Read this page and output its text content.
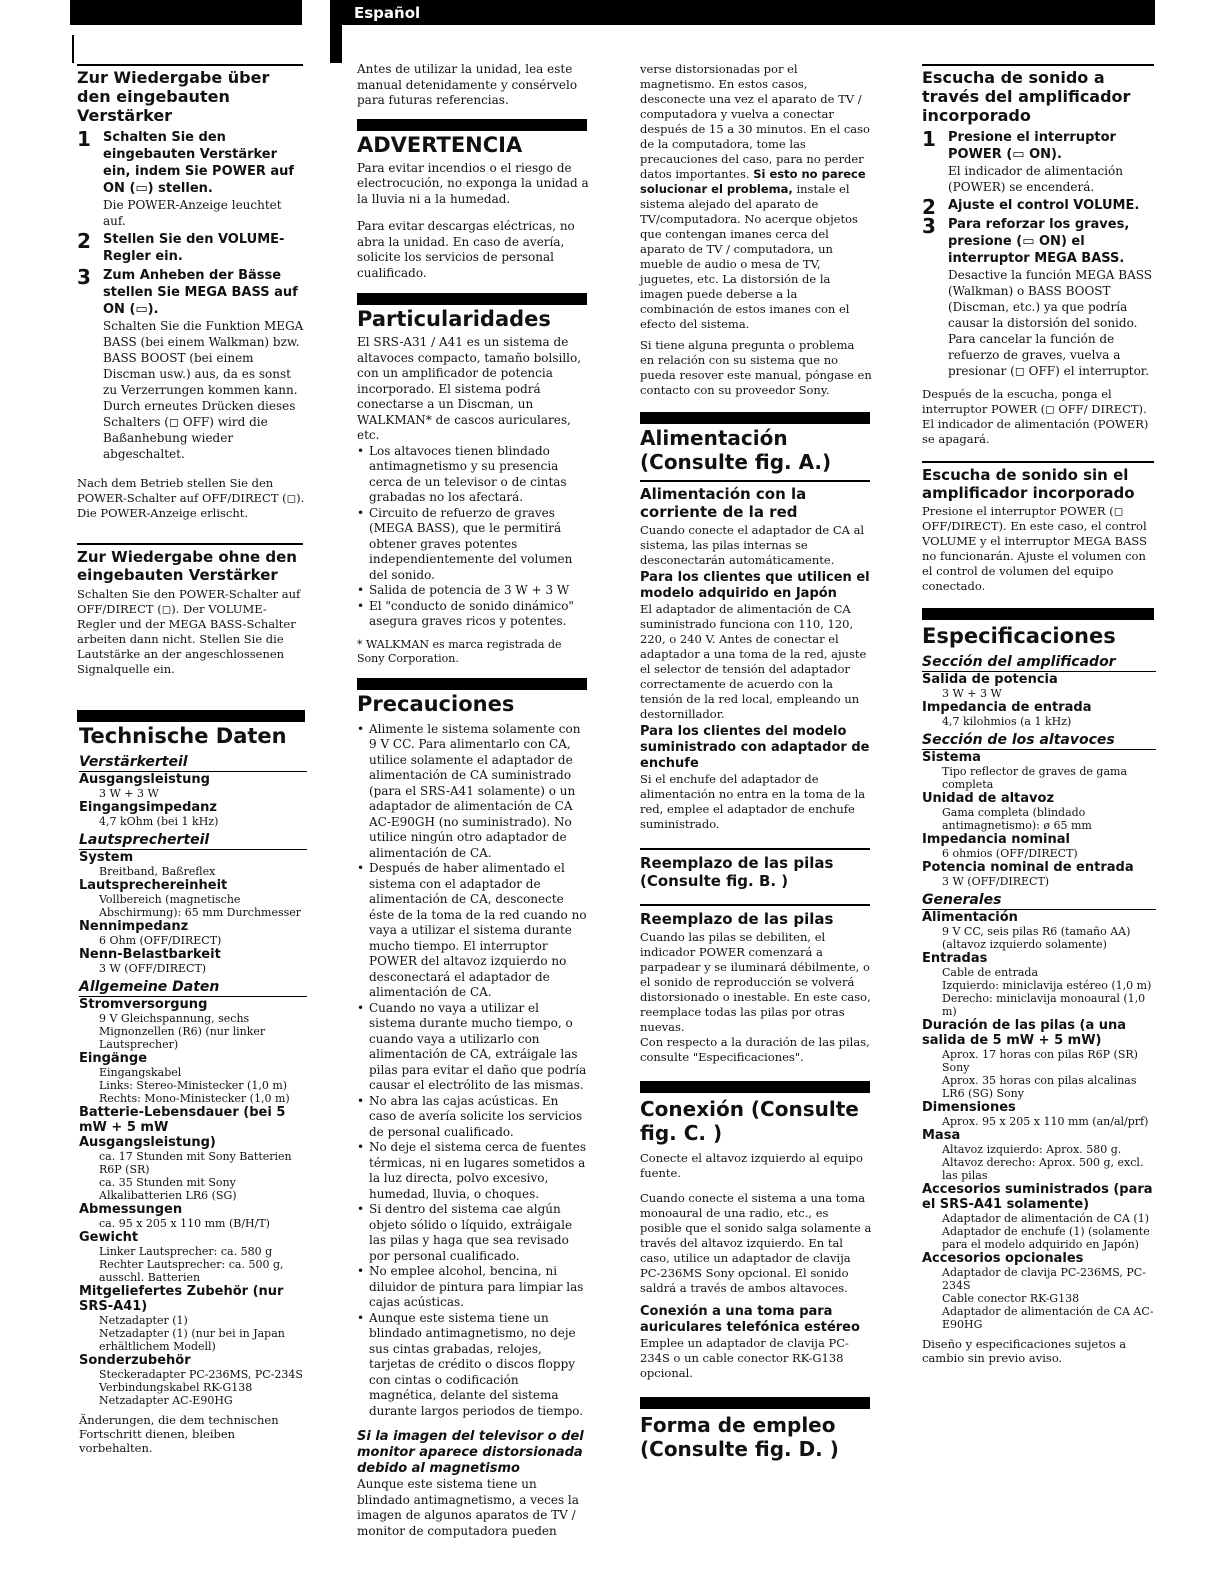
Español
Zur Wiedergabe über den eingebauten Verstärker
1 Schalten Sie den eingebauten Verstärker ein, indem Sie POWER auf ON (▭) stellen.
Die POWER-Anzeige leuchtet auf.
2 Stellen Sie den VOLUME-Regler ein.
3 Zum Anheben der Bässe stellen Sie MEGA BASS auf ON (▭).
Schalten Sie die Funktion MEGA BASS (bei einem Walkman) bzw. BASS BOOST (bei einem Discman usw.) aus, da es sonst zu Verzerrungen kommen kann.
Durch erneutes Drücken dieses Schalters (◻ OFF) wird die Baßanhebung wieder abgeschaltet.

Nach dem Betrieb stellen Sie den POWER-Schalter auf OFF/DIRECT (◻). Die POWER-Anzeige erlischt.

Zur Wiedergabe ohne den eingebauten Verstärker

Schalten Sie den POWER-Schalter auf OFF/DIRECT (◻). Der VOLUME-Regler und der MEGA BASS-Schalter arbeiten dann nicht. Stellen Sie die Lautstärke an der angeschlossenen Signalquelle ein.

Technische Daten
Verstärkerteil
Ausgangsleistung
3 W + 3 W
Eingangsimpedanz
4,7 kOhm (bei 1 kHz)
Lautsprecherteil
System
Breitband, Baßreflex
Lautsprechereinheit
Vollbereich (magnetische Abschirmung): 65 mm Durchmesser
Nennimpedanz
6 Ohm (OFF/DIRECT)
Nenn-Belastbarkeit
3 W (OFF/DIRECT)
Allgemeine Daten
Stromversorgung
9 V Gleichspannung, sechs Mignonzellen (R6) (nur linker Lautsprecher)
Eingänge
Eingangskabel
Links: Stereo-Ministecker (1,0 m)
Rechts: Mono-Ministecker (1,0 m)
Batterie-Lebensdauer (bei 5 mW + 5 mW Ausgangsleistung)
ca. 17 Stunden mit Sony Batterien R6P (SR)
ca. 35 Stunden mit Sony Alkalibatterien LR6 (SG)
Abmessungen
ca. 95 x 205 x 110 mm (B/H/T)
Gewicht
Linker Lautsprecher: ca. 580 g
Rechter Lautsprecher: ca. 500 g, ausschl. Batterien
Mitgeliefertes Zubehör (nur SRS-A41)
Netzadapter (1)
Netzadapter (1) (nur bei in Japan erhältlichem Modell)
Sonderzubehör
Steckeradapter PC-236MS, PC-234S
Verbindungskabel RK-G138
Netzadapter AC-E90HG

Änderungen, die dem technischen Fortschritt dienen, bleiben vorbehalten.

Antes de utilizar la unidad, lea este manual detenidamente y consérvelo para futuras referencias.

ADVERTENCIA

Para evitar incendios o el riesgo de electrocución, no exponga la unidad a la lluvia ni a la humedad.

Para evitar descargas eléctricas, no abra la unidad. En caso de avería, solicite los servicios de personal cualificado.

Particularidades

El SRS-A31 / A41 es un sistema de altavoces compacto, tamaño bolsillo, con un amplificador de potencia incorporado. El sistema podrá conectarse a un Discman, un WALKMAN* de cascos auriculares, etc.

• Los altavoces tienen blindado antimagnetismo y su presencia cerca de un televisor o de cintas grabadas no los afectará.
• Circuito de refuerzo de graves (MEGA BASS), que le permitirá obtener graves potentes independientemente del volumen del sonido.
• Salida de potencia de 3 W + 3 W
• El "conducto de sonido dinámico" asegura graves ricos y potentes.

* WALKMAN es marca registrada de Sony Corporation.

Precauciones
• Alimente le sistema solamente con 9 V CC. Para alimentarlo con CA, utilice solamente el adaptador de alimentación de CA suministrado (para el SRS-A41 solamente) o un adaptador de alimentación de CA AC-E90GH (no suministrado). No utilice ningún otro adaptador de alimentación de CA.
• Después de haber alimentado el sistema con el adaptador de alimentación de CA, desconecte éste de la toma de la red cuando no vaya a utilizar el sistema durante mucho tiempo. El interruptor POWER del altavoz izquierdo no desconectará el adaptador de alimentación de CA.
• Cuando no vaya a utilizar el sistema durante mucho tiempo, o cuando vaya a utilizarlo con alimentación de CA, extráigale las pilas para evitar el daño que podría causar el electrólito de las mismas.
• No abra las cajas acústicas. En caso de avería solicite los servicios de personal cualificado.
• No deje el sistema cerca de fuentes térmicas, ni en lugares sometidos a la luz directa, polvo excesivo, humedad, lluvia, o choques.
• Si dentro del sistema cae algún objeto sólido o líquido, extráigale las pilas y haga que sea revisado por personal cualificado.
• No emplee alcohol, bencina, ni diluidor de pintura para limpiar las cajas acústicas.
• Aunque este sistema tiene un blindado antimagnetismo, no deje sus cintas grabadas, relojes, tarjetas de crédito o discos floppy con cintas o codificación magnética, delante del sistema durante largos periodos de tiempo.
Si la imagen del televisor o del monitor aparece distorsionada debido al magnetismo

Aunque este sistema tiene un blindado antimagnetismo, a veces la imagen de algunos aparatos de TV / monitor de computadora pueden

verse distorsionadas por el magnetismo. En estos casos, desconecte una vez el aparato de TV / computadora y vuelva a conectar después de 15 a 30 minutos. En el caso de la computadora, tome las precauciones del caso, para no perder datos importantes. Si esto no parece solucionar el problema, instale el sistema alejado del aparato de TV/computadora. No acerque objetos que contengan imanes cerca del aparato de TV / computadora, un mueble de audio o mesa de TV, juguetes, etc. La distorsión de la imagen puede deberse a la combinación de estos imanes con el efecto del sistema.

Si tiene alguna pregunta o problema en relación con su sistema que no pueda resover este manual, póngase en contacto con su proveedor Sony.

Alimentación (Consulte fig. A.)
Alimentación con la corriente de la red

Cuando conecte el adaptador de CA al sistema, las pilas internas se desconectarán automáticamente.

Para los clientes que utilicen el modelo adquirido en Japón

El adaptador de alimentación de CA suministrado funciona con 110, 120, 220, o 240 V. Antes de conectar el adaptador a una toma de la red, ajuste el selector de tensión del adaptador correctamente de acuerdo con la tensión de la red local, empleando un destornillador.

Para los clientes del modelo suministrado con adaptador de enchufe

Si el enchufe del adaptador de alimentación no entra en la toma de la red, emplee el adaptador de enchufe suministrado.

Reemplazo de las pilas (Consulte fig. B. )
Reemplazo de las pilas

Cuando las pilas se debiliten, el indicador POWER comenzará a parpadear y se iluminará débilmente, o el sonido de reproducción se volverá distorsionado o inestable. En este caso, reemplace todas las pilas por otras nuevas.
Con respecto a la duración de las pilas, consulte "Especificaciones".

Conexión (Consulte fig. C. )

Conecte el altavoz izquierdo al equipo fuente.

Cuando conecte el sistema a una toma monoaural de una radio, etc., es posible que el sonido salga solamente a través del altavoz izquierdo. En tal caso, utilice un adaptador de clavija PC-236MS Sony opcional. El sonido saldrá a través de ambos altavoces.

Conexión a una toma para auriculares telefónica estéreo

Emplee un adaptador de clavija PC-234S o un cable conector RK-G138 opcional.

Forma de empleo (Consulte fig. D. )
Escucha de sonido a través del amplificador incorporado
1 Presione el interruptor POWER (▭ ON).
El indicador de alimentación (POWER) se encenderá.
2 Ajuste el control VOLUME.
3 Para reforzar los graves, presione (▭ ON) el interruptor MEGA BASS.
Desactive la función MEGA BASS (Walkman) o BASS BOOST (Discman, etc.) ya que podría causar la distorsión del sonido.
Para cancelar la función de refuerzo de graves, vuelva a presionar (◻ OFF) el interruptor.

Después de la escucha, ponga el interruptor POWER (◻ OFF/ DIRECT).
El indicador de alimentación (POWER) se apagará.

Escucha de sonido sin el amplificador incorporado

Presione el interruptor POWER (◻ OFF/DIRECT). En este caso, el control VOLUME y el interruptor MEGA BASS no funcionarán. Ajuste el volumen con el control de volumen del equipo conectado.

Especificaciones
Sección del amplificador
Salida de potencia
3 W + 3 W
Impedancia de entrada
4,7 kilohmios (a 1 kHz)
Sección de los altavoces
Sistema
Tipo reflector de graves de gama completa
Unidad de altavoz
Gama completa (blindado antimagnetismo): ø 65 mm
Impedancia nominal
6 ohmios (OFF/DIRECT)
Potencia nominal de entrada
3 W (OFF/DIRECT)
Generales
Alimentación
9 V CC, seis pilas R6 (tamaño AA) (altavoz izquierdo solamente)
Entradas
Cable de entrada
Izquierdo: miniclavija estéreo (1,0 m)
Derecho: miniclavija monoaural (1,0 m)
Duración de las pilas (a una salida de 5 mW + 5 mW)
Aprox. 17 horas con pilas R6P (SR) Sony
Aprox. 35 horas con pilas alcalinas LR6 (SG) Sony
Dimensiones
Aprox. 95 x 205 x 110 mm (an/al/prf)
Masa
Altavoz izquierdo: Aprox. 580 g.
Altavoz derecho: Aprox. 500 g, excl. las pilas
Accesorios suministrados (para el SRS-A41 solamente)
Adaptador de alimentación de CA (1)
Adaptador de enchufe (1) (solamente para el modelo adquirido en Japón)
Accesorios opcionales
Adaptador de clavija PC-236MS, PC-234S
Cable conector RK-G138
Adaptador de alimentación de CA AC-E90HG

Diseño y especificaciones sujetos a cambio sin previo aviso.
